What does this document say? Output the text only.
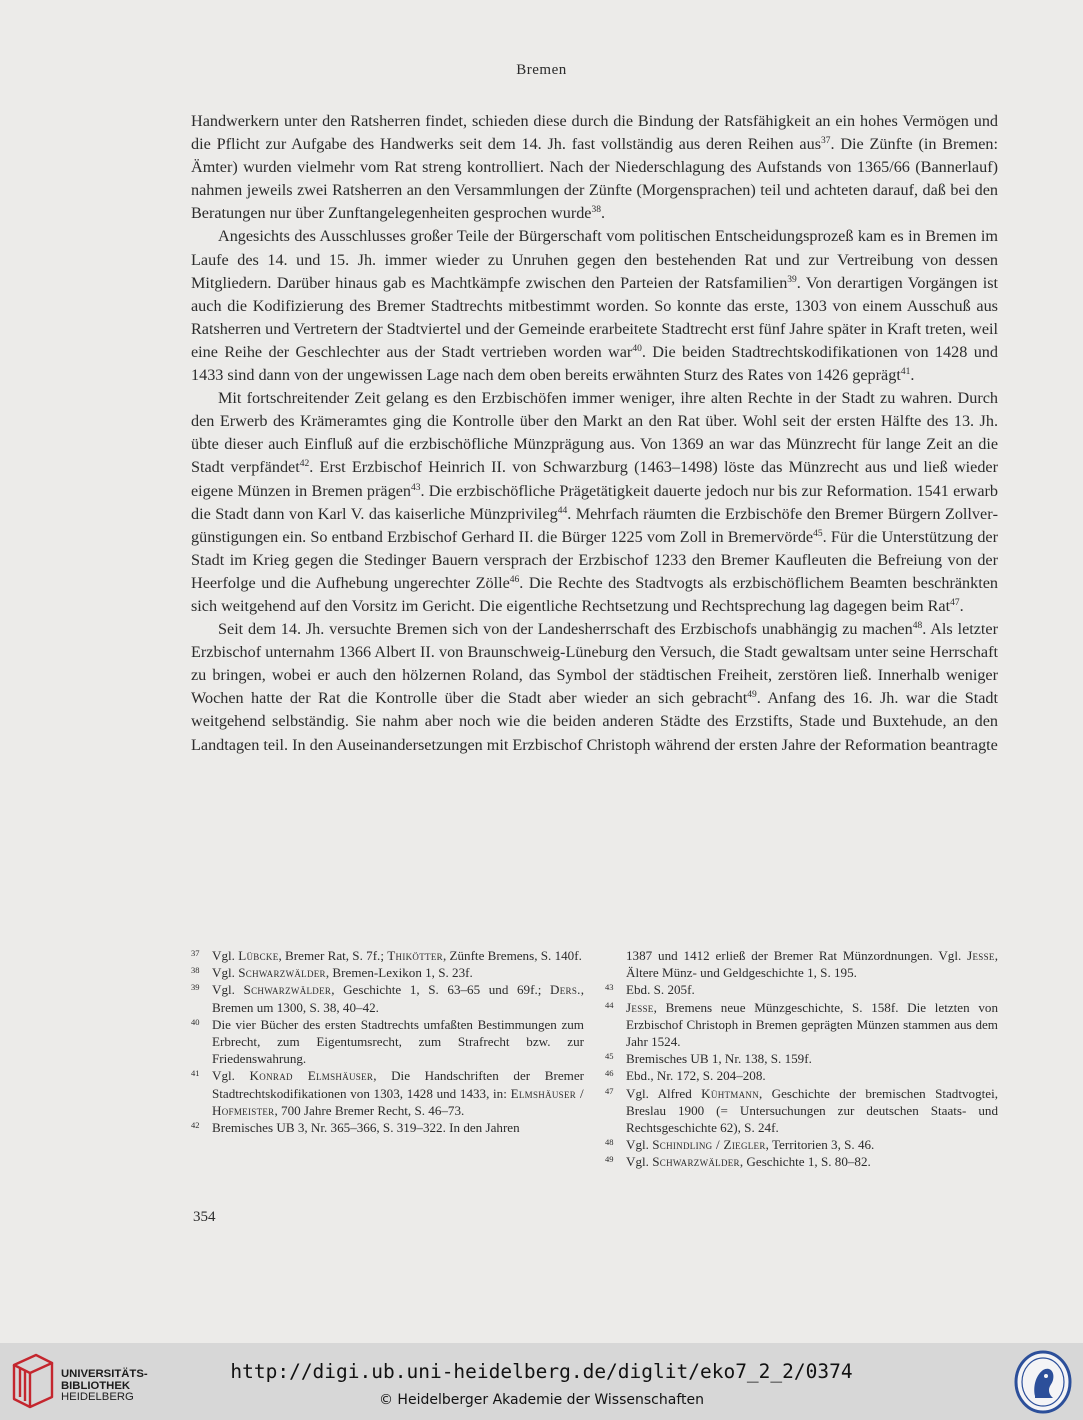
Bremen

Handwerkern unter den Ratsherren findet, schieden diese durch die Bindung der Ratsfähigkeit an ein hohes Vermögen und die Pflicht zur Aufgabe des Handwerks seit dem 14. Jh. fast vollständig aus deren Reihen aus$^{37}$. Die Zünfte (in Bremen: Ämter) wurden vielmehr vom Rat streng kontrolliert. Nach der Niederschlagung des Aufstands von 1365/66 (Bannerlauf) nahmen jeweils zwei Ratsherren an den Versammlungen der Zünfte (Morgensprachen) teil und achteten darauf, daß bei den Beratungen nur über Zunftangelegenheiten gesprochen wurde$^{38}$.

Angesichts des Ausschlusses großer Teile der Bürgerschaft vom politischen Entscheidungsprozeß kam es in Bremen im Laufe des 14. und 15. Jh. immer wieder zu Unruhen gegen den bestehenden Rat und zur Vertreibung von dessen Mitgliedern. Darüber hinaus gab es Machtkämpfe zwischen den Parteien der Ratsfamilien$^{39}$. Von derartigen Vorgängen ist auch die Kodifizierung des Bremer Stadtrechts mitbestimmt worden. So konnte das erste, 1303 von einem Ausschuß aus Ratsherren und Vertretern der Stadtviertel und der Gemeinde erarbeitete Stadtrecht erst fünf Jahre später in Kraft treten, weil eine Reihe der Geschlechter aus der Stadt vertrieben worden war$^{40}$. Die beiden Stadtrechtskodifikationen von 1428 und 1433 sind dann von der ungewissen Lage nach dem oben bereits erwähnten Sturz des Rates von 1426 geprägt$^{41}$.

Mit fortschreitender Zeit gelang es den Erzbischöfen immer weniger, ihre alten Rechte in der Stadt zu wahren. Durch den Erwerb des Krämeramtes ging die Kontrolle über den Markt an den Rat über. Wohl seit der ersten Hälfte des 13. Jh. übte dieser auch Einfluß auf die erzbischöfliche Münzprägung aus. Von 1369 an war das Münzrecht für lange Zeit an die Stadt verpfändet$^{42}$. Erst Erzbischof Heinrich II. von Schwarzburg (1463–1498) löste das Münzrecht aus und ließ wieder eigene Münzen in Bremen prägen$^{43}$. Die erzbischöfliche Prägetätigkeit dauerte jedoch nur bis zur Reformation. 1541 erwarb die Stadt dann von Karl V. das kaiserliche Münzprivileg$^{44}$. Mehrfach räumten die Erzbischöfe den Bremer Bürgern Zollvergünstigungen ein. So entband Erzbischof Gerhard II. die Bürger 1225 vom Zoll in Bremervörde$^{45}$. Für die Unterstützung der Stadt im Krieg gegen die Stedinger Bauern versprach der Erzbischof 1233 den Bremer Kaufleuten die Befreiung von der Heerfolge und die Aufhebung ungerechter Zölle$^{46}$. Die Rechte des Stadtvogts als erzbischöflichem Beamten beschränkten sich weitgehend auf den Vorsitz im Gericht. Die eigentliche Rechtsetzung und Rechtsprechung lag dagegen beim Rat$^{47}$.

Seit dem 14. Jh. versuchte Bremen sich von der Landesherrschaft des Erzbischofs unabhängig zu machen$^{48}$. Als letzter Erzbischof unternahm 1366 Albert II. von Braunschweig-Lüneburg den Versuch, die Stadt gewaltsam unter seine Herrschaft zu bringen, wobei er auch den hölzernen Roland, das Symbol der städtischen Freiheit, zerstören ließ. Innerhalb weniger Wochen hatte der Rat die Kontrolle über die Stadt aber wieder an sich gebracht$^{49}$. Anfang des 16. Jh. war die Stadt weitgehend selbständig. Sie nahm aber noch wie die beiden anderen Städte des Erzstifts, Stade und Buxtehude, an den Landtagen teil. In den Auseinandersetzungen mit Erzbischof Christoph während der ersten Jahre der Reformation beantragte

37 Vgl. Lübcke, Bremer Rat, S. 7f.; Thikötter, Zünfte Bremens, S. 140f.
38 Vgl. Schwarzwälder, Bremen-Lexikon 1, S. 23f.
39 Vgl. Schwarzwälder, Geschichte 1, S. 63–65 und 69f.; Ders., Bremen um 1300, S. 38, 40–42.
40 Die vier Bücher des ersten Stadtrechts umfaßten Bestimmungen zum Erbrecht, zum Eigentumsrecht, zum Strafrecht bzw. zur Friedenswahrung.
41 Vgl. Konrad Elmshäuser, Die Handschriften der Bremer Stadtrechtskodifikationen von 1303, 1428 und 1433, in: Elmshäuser / Hofmeister, 700 Jahre Bremer Recht, S. 46–73.
42 Bremisches UB 3, Nr. 365–366, S. 319–322. In den Jahren
1387 und 1412 erließ der Bremer Rat Münzordnungen. Vgl. Jesse, Ältere Münz- und Geldgeschichte 1, S. 195.
43 Ebd. S. 205f.
44 Jesse, Bremens neue Münzgeschichte, S. 158f. Die letzten von Erzbischof Christoph in Bremen geprägten Münzen stammen aus dem Jahr 1524.
45 Bremisches UB 1, Nr. 138, S. 159f.
46 Ebd., Nr. 172, S. 204–208.
47 Vgl. Alfred Kühtmann, Geschichte der bremischen Stadtvogtei, Breslau 1900 (= Untersuchungen zur deutschen Staats- und Rechtsgeschichte 62), S. 24f.
48 Vgl. Schindling / Ziegler, Territorien 3, S. 46.
49 Vgl. Schwarzwälder, Geschichte 1, S. 80–82.
354
UNIVERSITÄTS-
BIBLIOTHEK
HEIDELBERG
http://digi.ub.uni-heidelberg.de/diglit/eko7_2_2/0374
© Heidelberger Akademie der Wissenschaften
